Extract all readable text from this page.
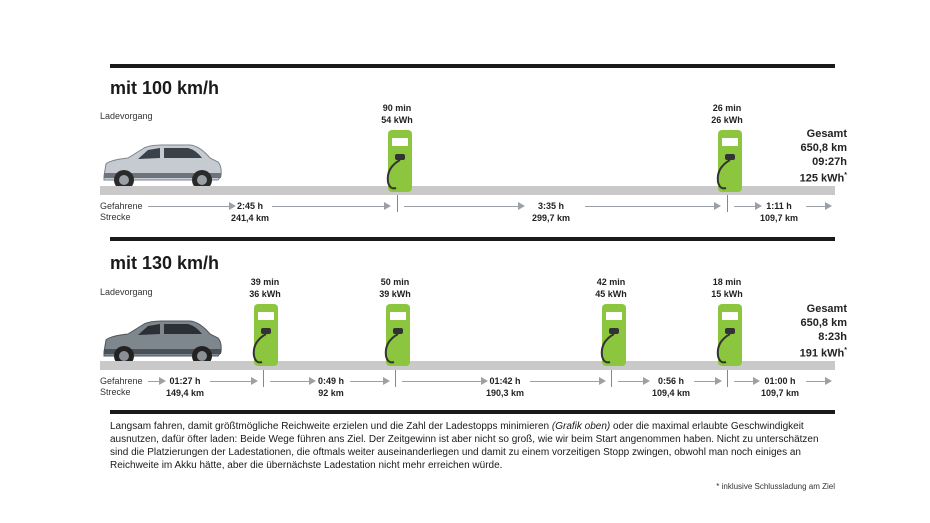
mit 100 km/h
Ladevorgang
90 min
54 kWh
26 min
26 kWh
Gesamt
650,8 km
09:27h
125 kWh*
Gefahrene
Strecke
2:45 h
241,4 km
3:35 h
299,7 km
1:11 h
109,7 km
mit 130 km/h
Ladevorgang
39 min
36 kWh
50 min
39 kWh
42 min
45 kWh
18 min
15 kWh
Gesamt
650,8 km
8:23h
191 kWh*
Gefahrene
Strecke
01:27 h
149,4 km
0:49 h
92 km
01:42 h
190,3 km
0:56 h
109,4 km
01:00 h
109,7 km
Langsam fahren, damit größtmögliche Reichweite erzielen und die Zahl der Ladestopps minimieren (Grafik oben) oder die maximal erlaubte Geschwindigkeit ausnutzen, dafür öfter laden: Beide Wege führen ans Ziel. Der Zeitgewinn ist aber nicht so groß, wie wir beim Start angenommen haben. Nicht zu unterschätzen sind die Platzierungen der Ladestationen, die oftmals weiter auseinanderliegen und damit zu einem vorzeitigen Stopp zwingen, obwohl man noch einiges an Reichweite im Akku hätte, aber die übernächste Ladestation nicht mehr erreichen würde.
* inklusive Schlussladung am Ziel
